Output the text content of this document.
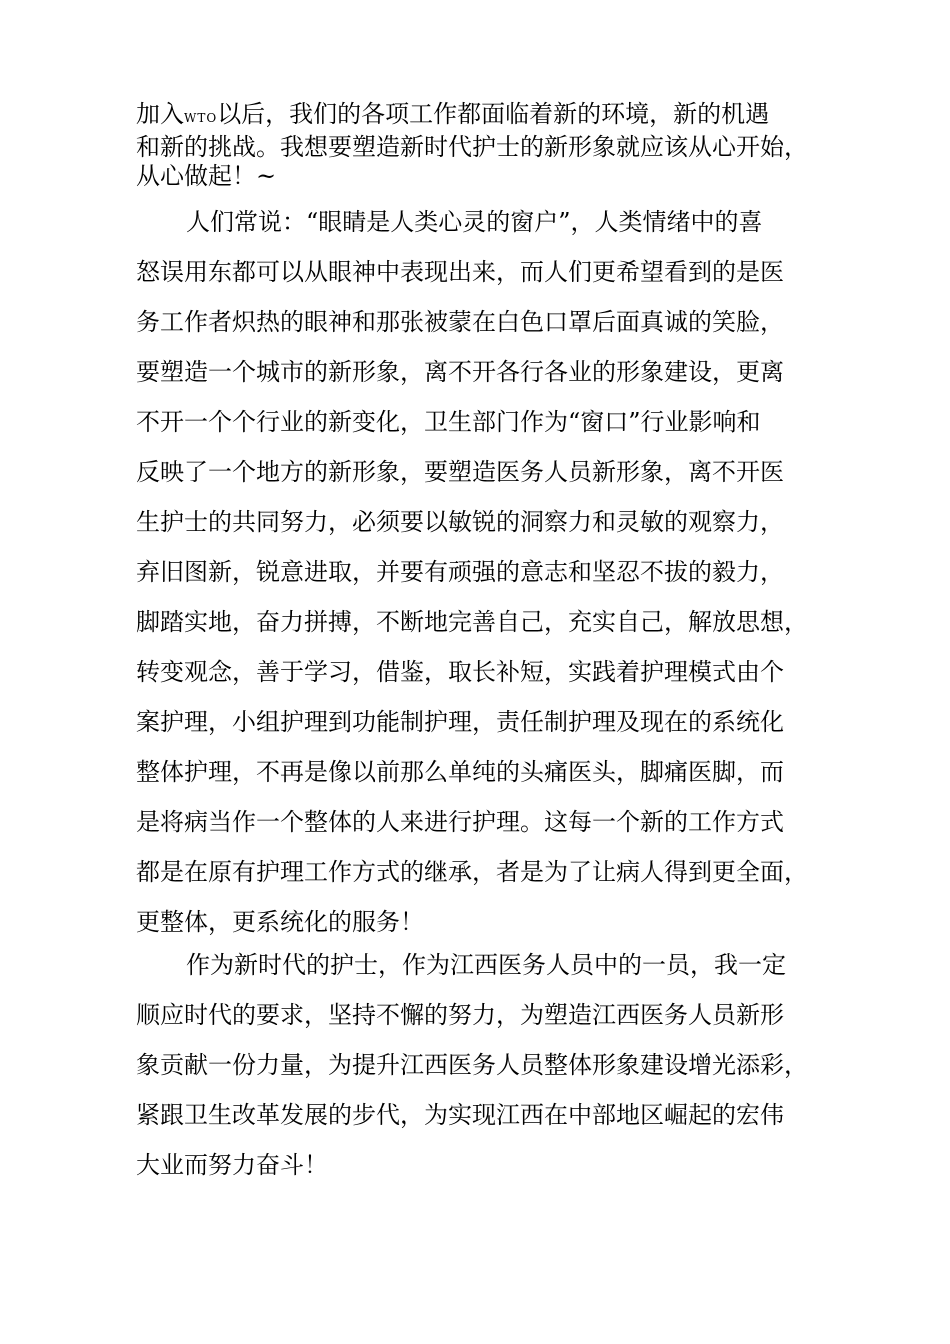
加入WTO以后，我们的各项工作都面临着新的环境，新的机遇
和新的挑战。我想要塑造新时代护士的新形象就应该从心开始，
从心做起！~
人们常说：“眼睛是人类心灵的窗户”，人类情绪中的喜
怒误用东都可以从眼神中表现出来，而人们更希望看到的是医
务工作者炽热的眼神和那张被蒙在白色口罩后面真诚的笑脸，
要塑造一个城市的新形象，离不开各行各业的形象建设，更离
不开一个个行业的新变化，卫生部门作为“窗口”行业影响和
反映了一个地方的新形象，要塑造医务人员新形象，离不开医
生护士的共同努力，必须要以敏锐的洞察力和灵敏的观察力，
弃旧图新，锐意进取，并要有顽强的意志和坚忍不拔的毅力，
脚踏实地，奋力拼搏，不断地完善自己，充实自己，解放思想，
转变观念，善于学习，借鉴，取长补短，实践着护理模式由个
案护理，小组护理到功能制护理，责任制护理及现在的系统化
整体护理，不再是像以前那么单纯的头痛医头，脚痛医脚，而
是将病当作一个整体的人来进行护理。这每一个新的工作方式
都是在原有护理工作方式的继承，者是为了让病人得到更全面，
更整体，更系统化的服务！
作为新时代的护士，作为江西医务人员中的一员，我一定
顺应时代的要求，坚持不懈的努力，为塑造江西医务人员新形
象贡献一份力量，为提升江西医务人员整体形象建设增光添彩，
紧跟卫生改革发展的步代，为实现江西在中部地区崛起的宏伟
大业而努力奋斗！
